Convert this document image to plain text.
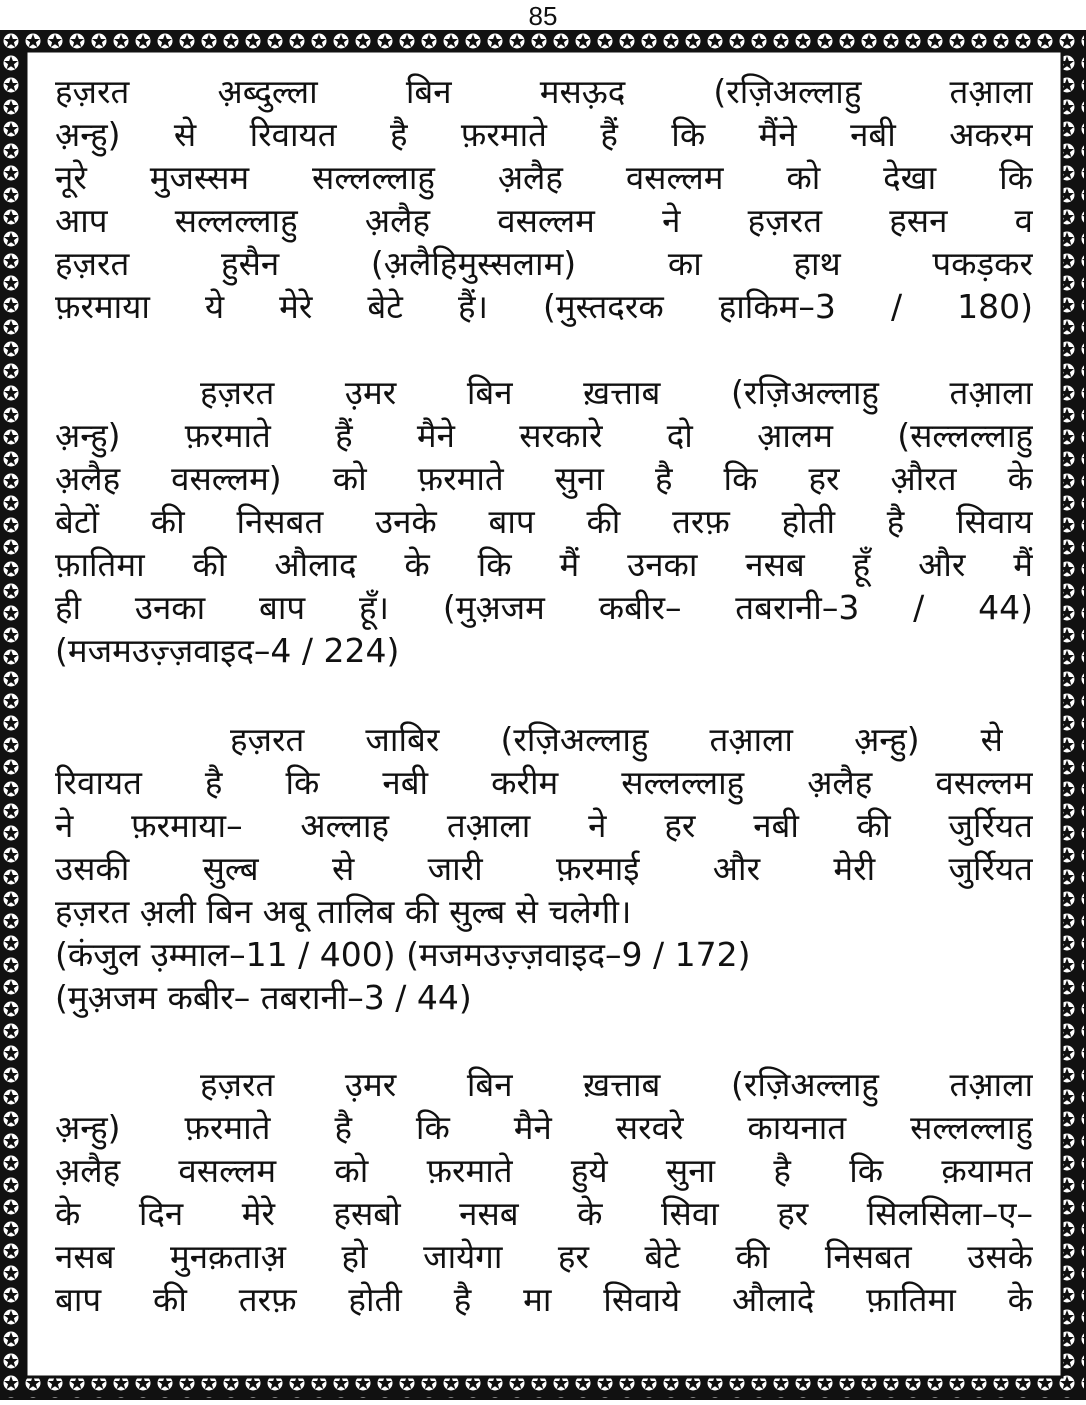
85
हज़रत अ़ब्दुल्ला बिन मसऊ़द (रज़िअल्लाहु तआ़ला
अ़न्हु) से रिवायत है फ़रमाते हैं कि मैंने नबी अकरम
नूरे मुजस्सम सल्लल्लाहु अ़लैह वसल्लम को देखा कि
आप सल्लल्लाहु अ़लैह वसल्लम ने हज़रत हसन व
हज़रत हुसैन (अ़लैहिमुस्सलाम) का हाथ पकड़कर
फ़रमाया ये मेरे बेटे हैं। (मुस्तदरक हाकिम–3 / 180)
हज़रत उ़मर बिन ख़त्ताब (रज़िअल्लाहु तआ़ला
अ़न्हु) फ़रमाते हैं मैने सरकारे दो आ़लम (सल्लल्लाहु
अ़लैह वसल्लम) को फ़रमाते सुना है कि हर औ़रत के
बेटों की निसबत उनके बाप की तरफ़ होती है सिवाय
फ़ातिमा की औलाद के कि मैं उनका नसब हूँ और मैं
ही उनका बाप हूँ। (मुअ़जम कबीर– तबरानी–3 / 44)
(मजमउज़्ज़वाइद–4 / 224)
हज़रत जाबिर (रज़िअल्लाहु तआ़ला अ़न्हु) से
रिवायत है कि नबी करीम सल्लल्लाहु अ़लैह वसल्लम
ने फ़रमाया– अल्लाह तआ़ला ने हर नबी की जुर्रियत
उसकी सुल्ब से जारी फ़रमाई और मेरी जुर्रियत
हज़रत अ़ली बिन अबू तालिब की सुल्ब से चलेगी।
(कंजुल उ़म्माल–11 / 400) (मजमउज़्ज़वाइद–9 / 172)
(मुअ़जम कबीर– तबरानी–3 / 44)
हज़रत उ़मर बिन ख़त्ताब (रज़िअल्लाहु तआ़ला
अ़न्हु) फ़रमाते है कि मैने सरवरे कायनात सल्लल्लाहु
अ़लैह वसल्लम को फ़रमाते हुये सुना है कि क़यामत
के दिन मेरे हसबो नसब के सिवा हर सिलसिला–ए–
नसब मुनक़ताअ़ हो जायेगा हर बेटे की निसबत उसके
बाप की तरफ़ होती है मा सिवाये औलादे फ़ातिमा के
